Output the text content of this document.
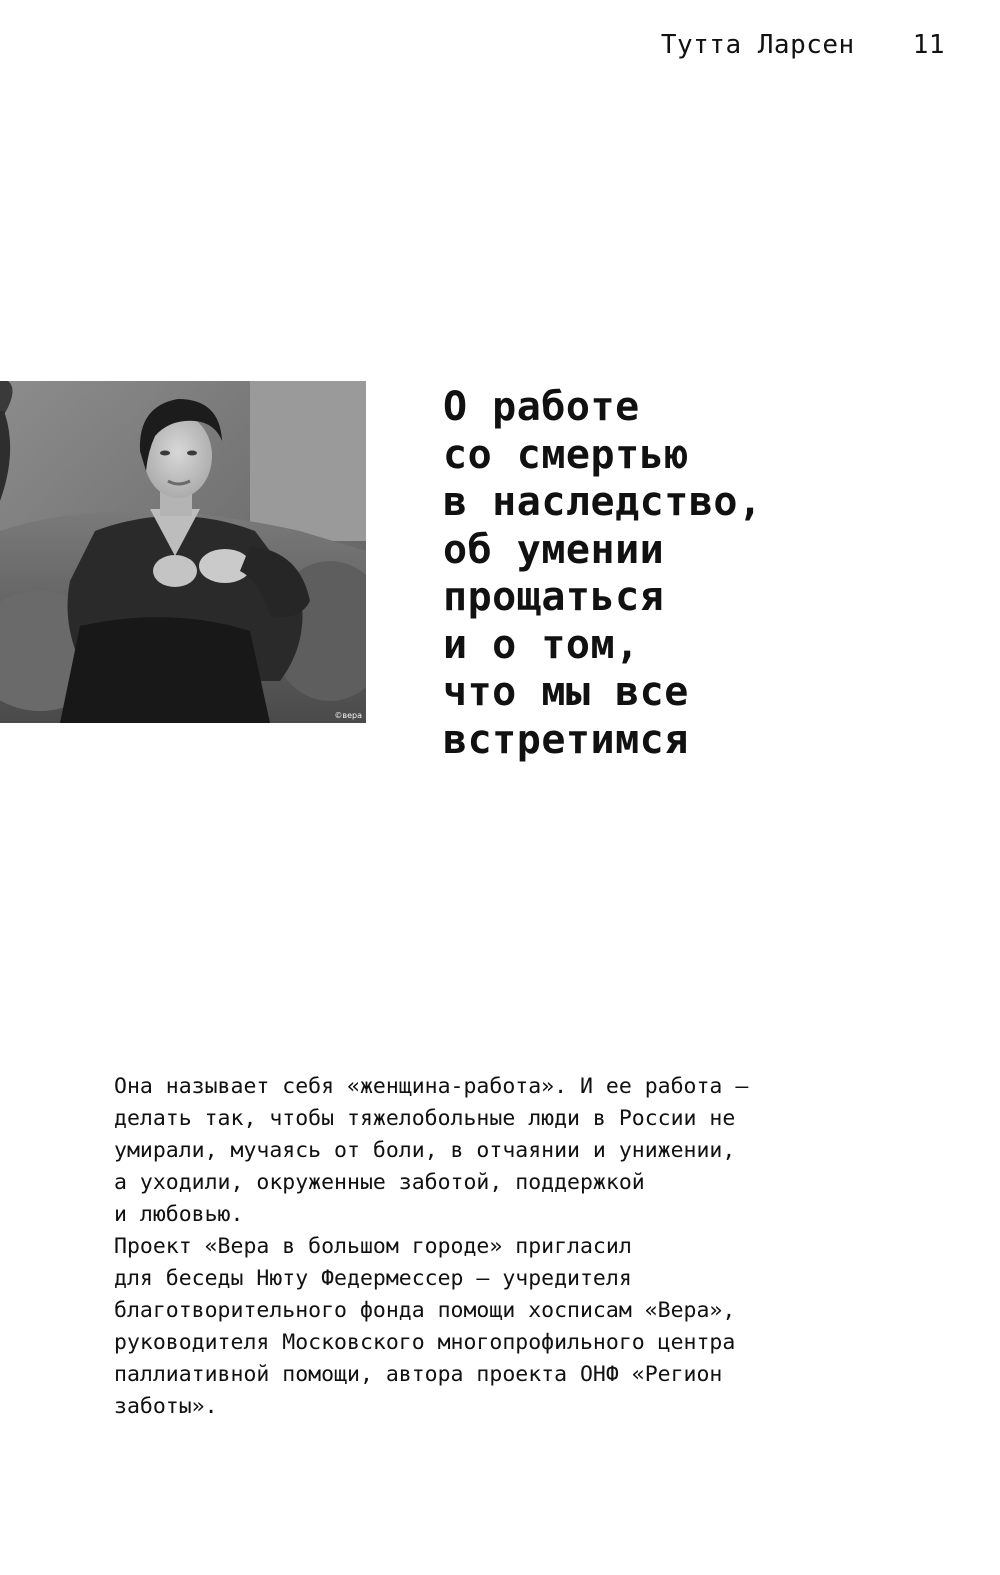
Тутта Ларсен 11
©вера
О работе
со смертью
в наследство,
об умении
прощаться
и о том,
что мы все
встретимся
Она называет себя «женщина-работа». И ее работа —
делать так, чтобы тяжелобольные люди в России не
умирали, мучаясь от боли, в отчаянии и унижении,
а уходили, окруженные заботой, поддержкой
и любовью.
Проект «Вера в большом городе» пригласил
для беседы Нюту Федермессер — учредителя
благотворительного фонда помощи хосписам «Вера»,
руководителя Московского многопрофильного центра
паллиативной помощи, автора проекта ОНФ «Регион
заботы».
